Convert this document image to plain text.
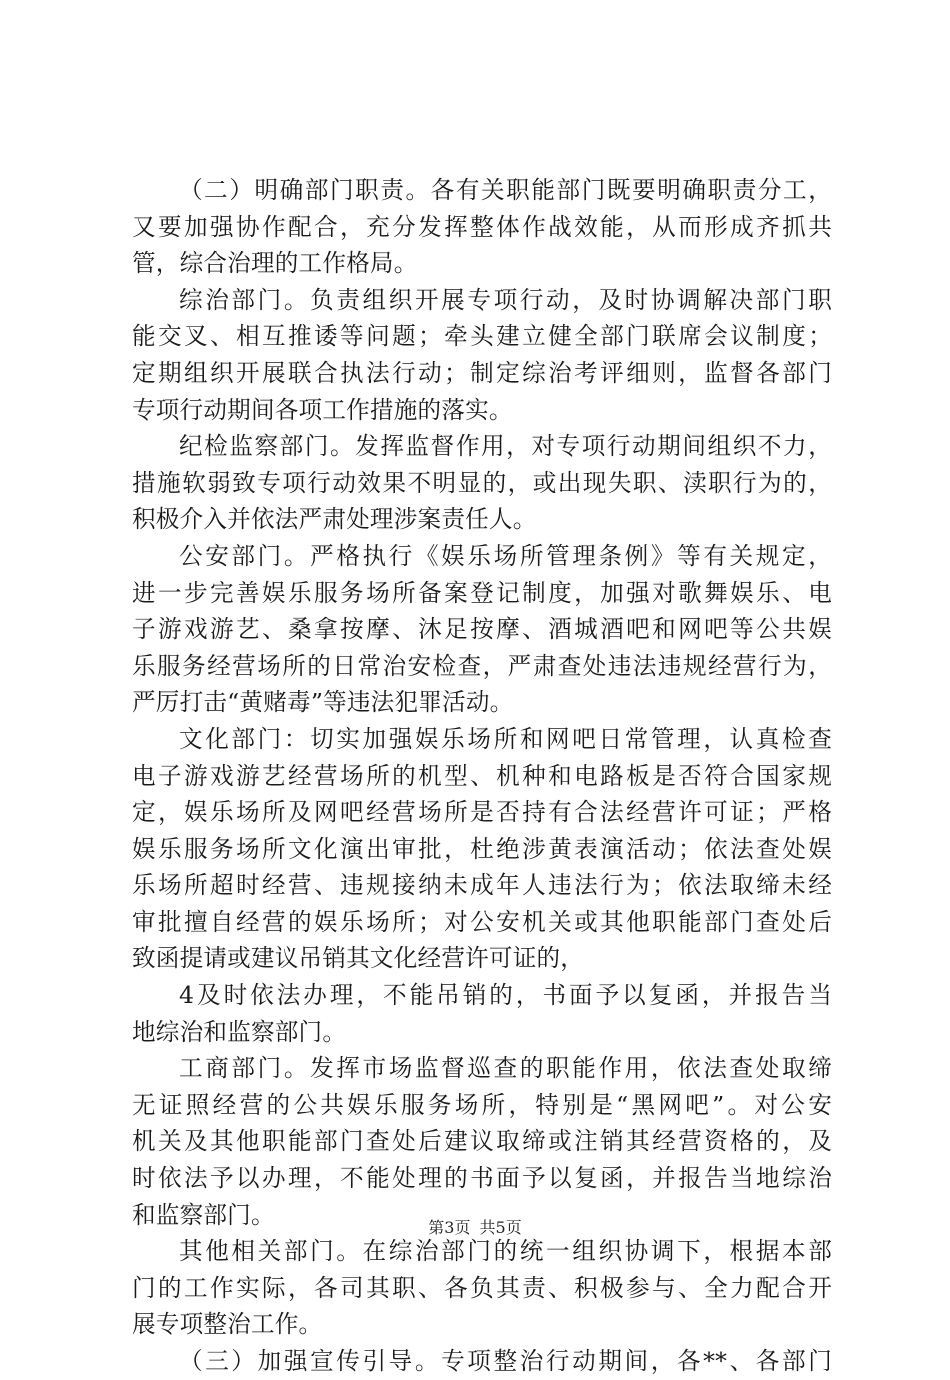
（二）明确部门职责。各有关职能部门既要明确职责分工，
又要加强协作配合，充分发挥整体作战效能，从而形成齐抓共
管，综合治理的工作格局。
综治部门。负责组织开展专项行动，及时协调解决部门职
能交叉、相互推诿等问题；牵头建立健全部门联席会议制度；
定期组织开展联合执法行动；制定综治考评细则，监督各部门
专项行动期间各项工作措施的落实。
纪检监察部门。发挥监督作用，对专项行动期间组织不力，
措施软弱致专项行动效果不明显的，或出现失职、渎职行为的，
积极介入并依法严肃处理涉案责任人。
公安部门。严格执行《娱乐场所管理条例》等有关规定，
进一步完善娱乐服务场所备案登记制度，加强对歌舞娱乐、电
子游戏游艺、桑拿按摩、沐足按摩、酒城酒吧和网吧等公共娱
乐服务经营场所的日常治安检查，严肃查处违法违规经营行为，
严厉打击“黄赌毒”等违法犯罪活动。
文化部门：切实加强娱乐场所和网吧日常管理，认真检查
电子游戏游艺经营场所的机型、机种和电路板是否符合国家规
定，娱乐场所及网吧经营场所是否持有合法经营许可证；严格
娱乐服务场所文化演出审批，杜绝涉黄表演活动；依法查处娱
乐场所超时经营、违规接纳未成年人违法行为；依法取缔未经
审批擅自经营的娱乐场所；对公安机关或其他职能部门查处后
致函提请或建议吊销其文化经营许可证的，
4及时依法办理，不能吊销的，书面予以复函，并报告当
地综治和监察部门。
工商部门。发挥市场监督巡查的职能作用，依法查处取缔
无证照经营的公共娱乐服务场所，特别是“黑网吧”。对公安
机关及其他职能部门查处后建议取缔或注销其经营资格的，及
时依法予以办理，不能处理的书面予以复函，并报告当地综治
和监察部门。
其他相关部门。在综治部门的统一组织协调下，根据本部
门的工作实际，各司其职、各负其责、积极参与、全力配合开
展专项整治工作。
（三）加强宣传引导。专项整治行动期间，各**、各部门
第3页 共5页
